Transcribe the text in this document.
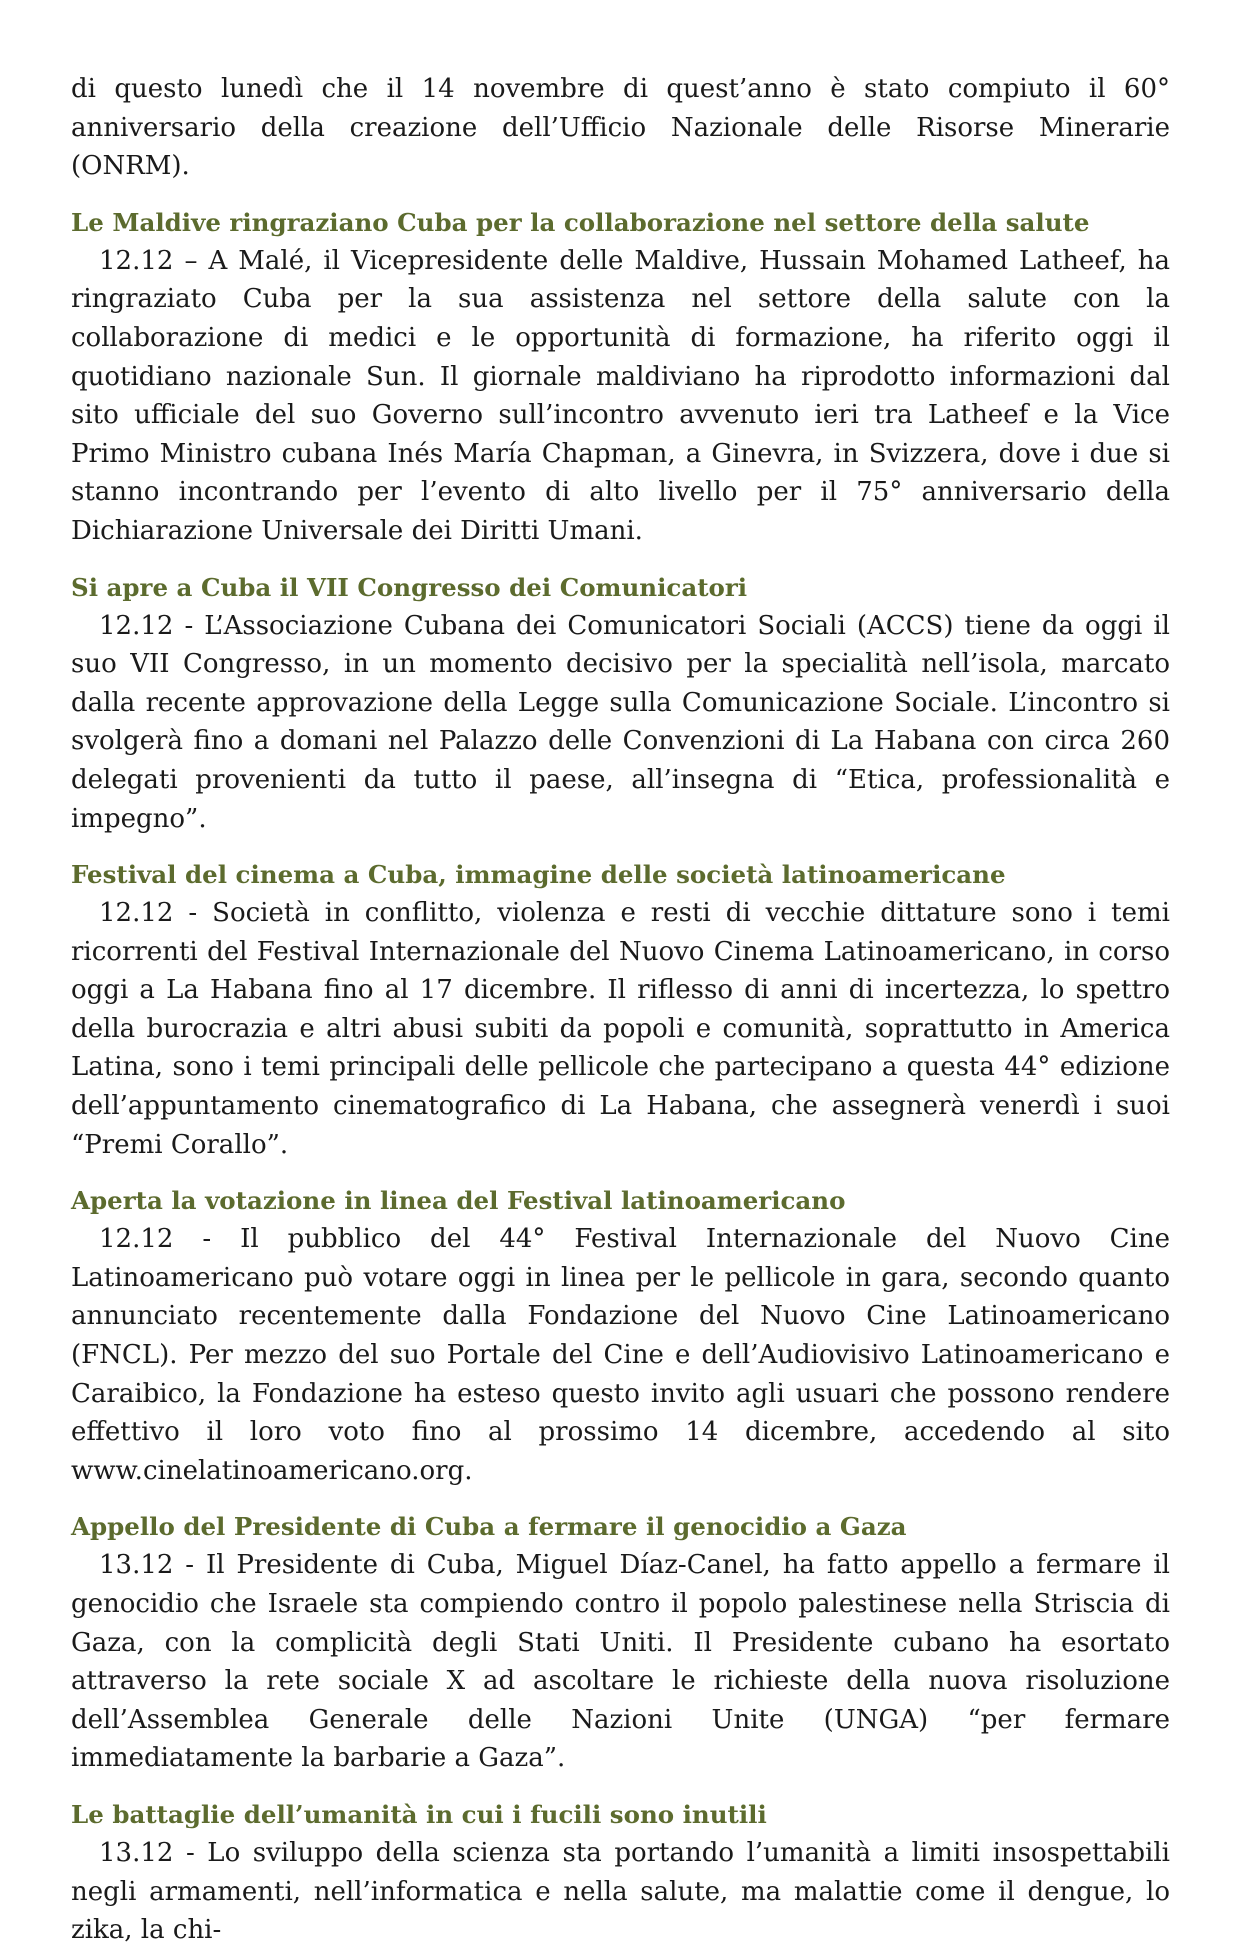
di questo lunedì che il 14 novembre di quest’anno è stato compiuto il 60° anniversario della creazione dell’Ufficio Nazionale delle Risorse Minerarie (ONRM).

Le Maldive ringraziano Cuba per la collaborazione nel settore della salute

12.12 – A Malé, il Vicepresidente delle Maldive, Hussain Mohamed Latheef, ha ringraziato Cuba per la sua assistenza nel settore della salute con la collaborazione di medici e le opportunità di formazione, ha riferito oggi il quotidiano nazionale Sun. Il giornale maldiviano ha riprodotto informazioni dal sito ufficiale del suo Governo sull’incontro avvenuto ieri tra Latheef e la Vice Primo Ministro cubana Inés María Chapman, a Ginevra, in Svizzera, dove i due si stanno incontrando per l’evento di alto livello per il 75° anniversario della Dichiarazione Universale dei Diritti Umani.

Si apre a Cuba il VII Congresso dei Comunicatori

12.12 - L’Associazione Cubana dei Comunicatori Sociali (ACCS) tiene da oggi il suo VII Congresso, in un momento decisivo per la specialità nell’isola, marcato dalla recente approvazione della Legge sulla Comunicazione Sociale. L’incontro si svolgerà fino a domani nel Palazzo delle Convenzioni di La Habana con circa 260 delegati provenienti da tutto il paese, all’insegna di “Etica, professionalità e impegno”.

Festival del cinema a Cuba, immagine delle società latinoamericane

12.12 - Società in conflitto, violenza e resti di vecchie dittature sono i temi ricorrenti del Festival Internazionale del Nuovo Cinema Latinoamericano, in corso oggi a La Habana fino al 17 dicembre. Il riflesso di anni di incertezza, lo spettro della burocrazia e altri abusi subiti da popoli e comunità, soprattutto in America Latina, sono i temi principali delle pellicole che partecipano a questa 44° edizione dell’appuntamento cinematografico di La Habana, che assegnerà venerdì i suoi “Premi Corallo”.

Aperta la votazione in linea del Festival latinoamericano

12.12 - Il pubblico del 44° Festival Internazionale del Nuovo Cine Latinoamericano può votare oggi in linea per le pellicole in gara, secondo quanto annunciato recentemente dalla Fondazione del Nuovo Cine Latinoamericano (FNCL). Per mezzo del suo Portale del Cine e dell’Audiovisivo Latinoamericano e Caraibico, la Fondazione ha esteso questo invito agli usuari che possono rendere effettivo il loro voto fino al prossimo 14 dicembre, accedendo al sito www.cinelatinoamericano.org.

Appello del Presidente di Cuba a fermare il genocidio a Gaza

13.12 - Il Presidente di Cuba, Miguel Díaz-Canel, ha fatto appello a fermare il genocidio che Israele sta compiendo contro il popolo palestinese nella Striscia di Gaza, con la complicità degli Stati Uniti. Il Presidente cubano ha esortato attraverso la rete sociale X ad ascoltare le richieste della nuova risoluzione dell’Assemblea Generale delle Nazioni Unite (UNGA) “per fermare immediatamente la barbarie a Gaza”.

Le battaglie dell’umanità in cui i fucili sono inutili

13.12 - Lo sviluppo della scienza sta portando l’umanità a limiti insospettabili negli armamenti, nell’informatica e nella salute, ma malattie come il dengue, lo zika, la chi-
